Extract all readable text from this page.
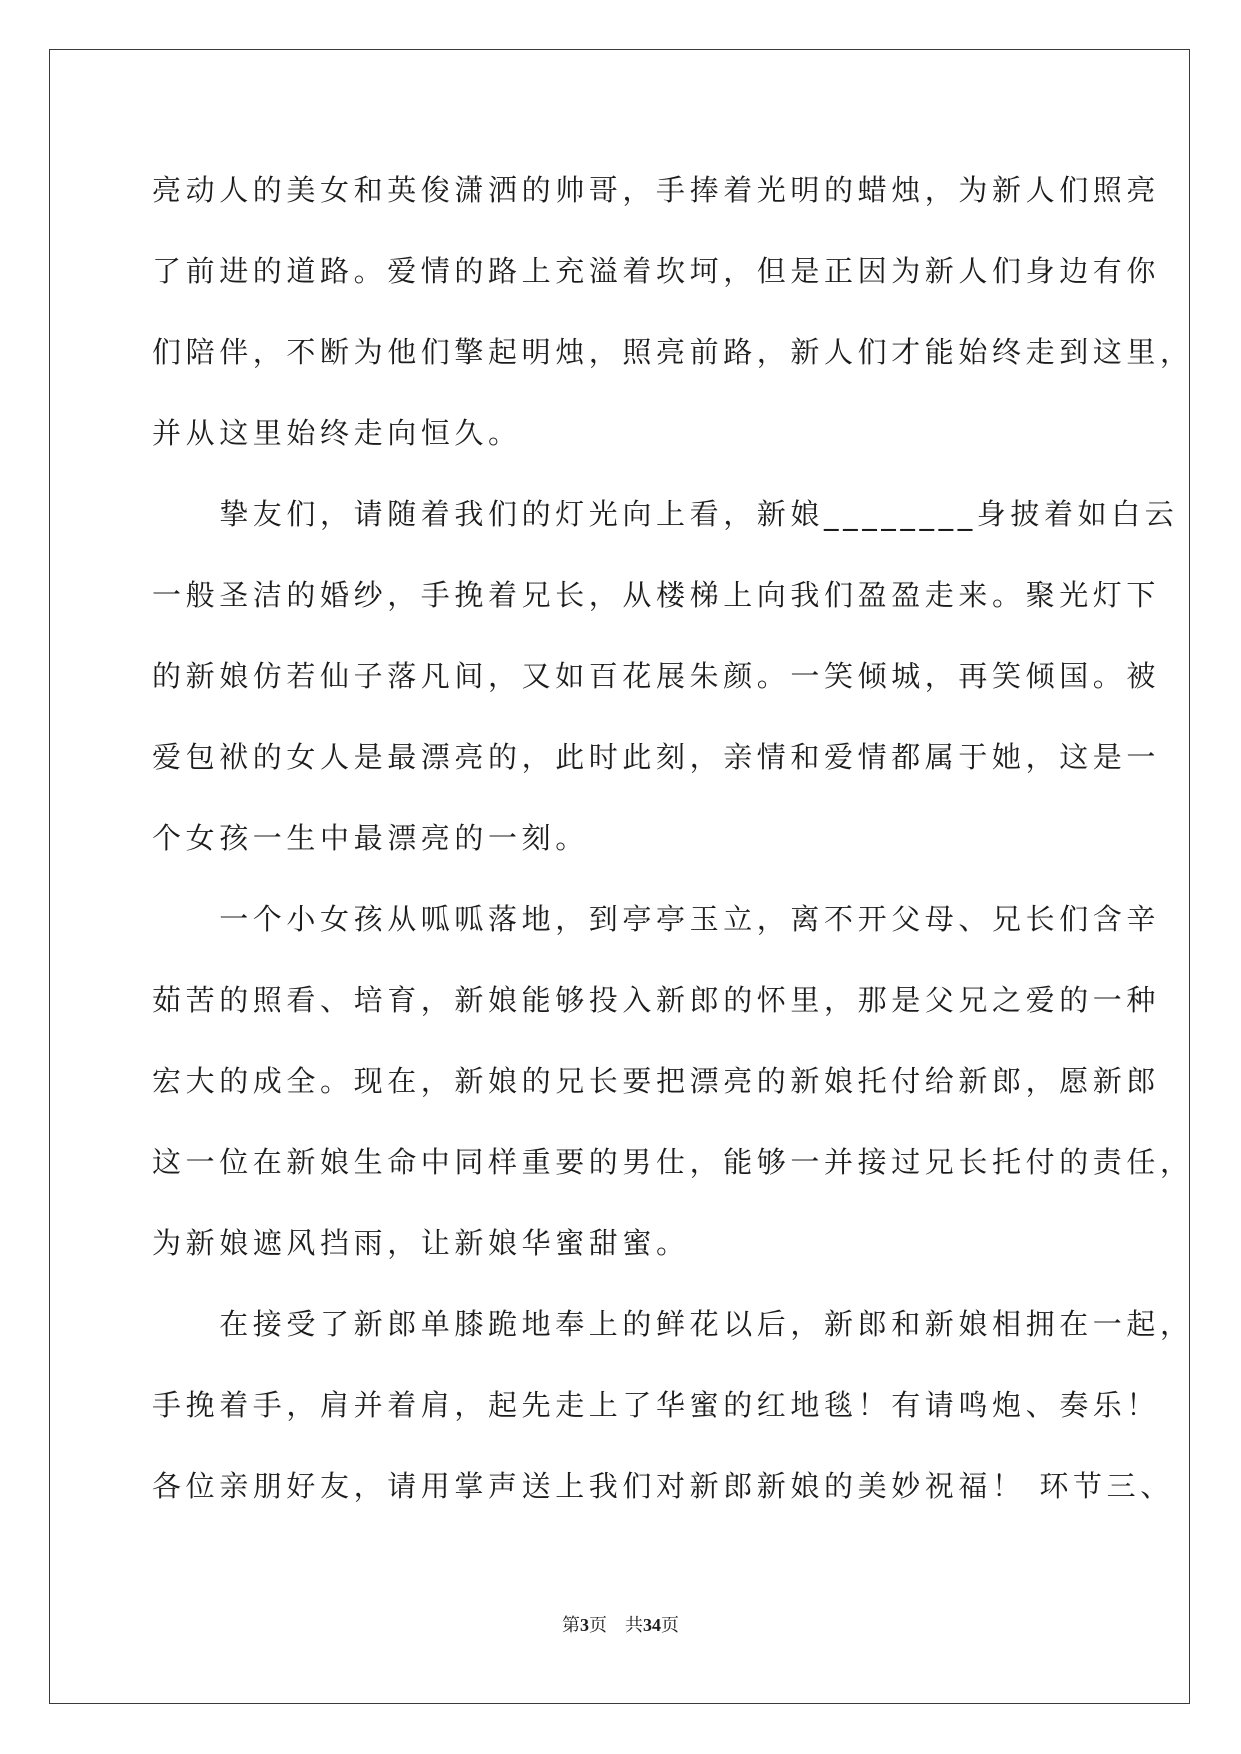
亮动人的美女和英俊潇洒的帅哥，手捧着光明的蜡烛，为新人们照亮

了前进的道路。爱情的路上充溢着坎坷，但是正因为新人们身边有你

们陪伴，不断为他们擎起明烛，照亮前路，新人们才能始终走到这里，

并从这里始终走向恒久。

　　挚友们，请随着我们的灯光向上看，新娘________身披着如白云

一般圣洁的婚纱，手挽着兄长，从楼梯上向我们盈盈走来。聚光灯下

的新娘仿若仙子落凡间，又如百花展朱颜。一笑倾城，再笑倾国。被

爱包袱的女人是最漂亮的，此时此刻，亲情和爱情都属于她，这是一

个女孩一生中最漂亮的一刻。

　　一个小女孩从呱呱落地，到亭亭玉立，离不开父母、兄长们含辛

茹苦的照看、培育，新娘能够投入新郎的怀里，那是父兄之爱的一种

宏大的成全。现在，新娘的兄长要把漂亮的新娘托付给新郎，愿新郎

这一位在新娘生命中同样重要的男仕，能够一并接过兄长托付的责任，

为新娘遮风挡雨，让新娘华蜜甜蜜。

　　在接受了新郎单膝跪地奉上的鲜花以后，新郎和新娘相拥在一起，

手挽着手，肩并着肩，起先走上了华蜜的红地毯！有请鸣炮、奏乐！

各位亲朋好友，请用掌声送上我们对新郎新娘的美妙祝福！ 环节三、

第3页 共34页
